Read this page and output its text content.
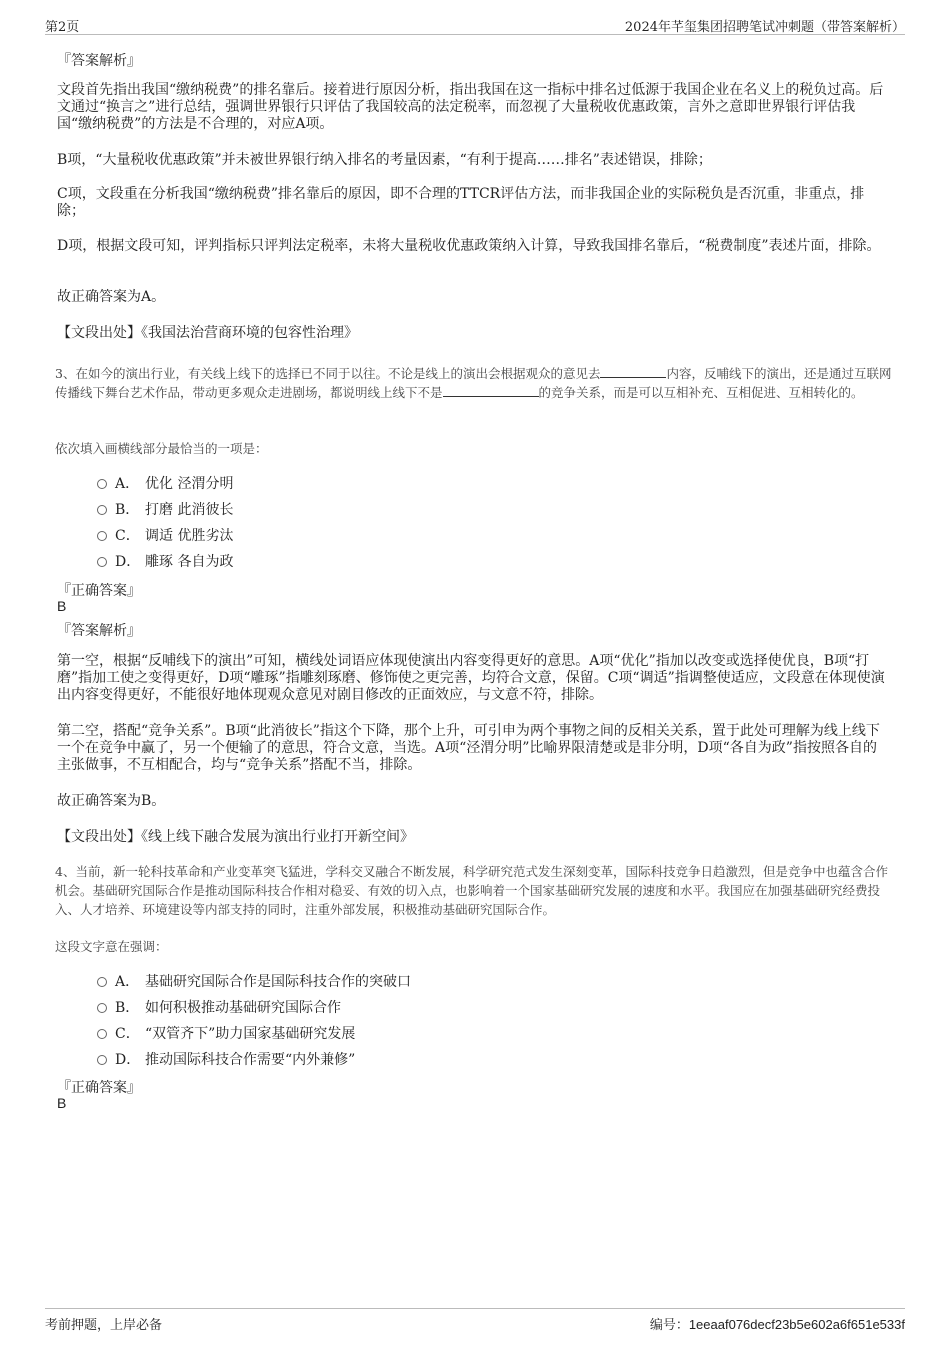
第2页	2024年芊玺集团招聘笔试冲刺题（带答案解析）
『答案解析』
文段首先指出我国“缴纳税费”的排名靠后。接着进行原因分析，指出我国在这一指标中排名过低源于我国企业在名义上的税负过高。后文通过“换言之”进行总结，强调世界银行只评估了我国较高的法定税率，而忽视了大量税收优惠政策，言外之意即世界银行评估我国“缴纳税费”的方法是不合理的，对应A项。
B项，“大量税收优惠政策”并未被世界银行纳入排名的考量因素，“有利于提高……排名”表述错误，排除；
C项，文段重在分析我国“缴纳税费”排名靠后的原因，即不合理的TTCR评估方法，而非我国企业的实际税负是否沉重，非重点，排除；
D项，根据文段可知，评判指标只评判法定税率，未将大量税收优惠政策纳入计算，导致我国排名靠后，“税费制度”表述片面，排除。
故正确答案为A。
【文段出处】《我国法治营商环境的包容性治理》
3、在如今的演出行业，有关线上线下的选择已不同于以往。不论是线上的演出会根据观众的意见去	内容，反哺线下的演出，还是通过互联网传播线下舞台艺术作品，带动更多观众走进剧场，都说明线上线下不是	的竞争关系，而是可以互相补充、互相促进、互相转化的。
依次填入画横线部分最恰当的一项是：
A． 优化 泾渭分明
B． 打磨 此消彼长
C． 调适 优胜劣汰
D． 雕琢 各自为政
『正确答案』
B
『答案解析』
第一空，根据“反哺线下的演出”可知，横线处词语应体现使演出内容变得更好的意思。A项“优化”指加以改变或选择使优良，B项“打磨”指加工使之变得更好，D项“雕琢”指雕刻琢磨、修饰使之更完善，均符合文意，保留。C项“调适”指调整使适应，文段意在体现使演出内容变得更好，不能很好地体现观众意见对剧目修改的正面效应，与文意不符，排除。
第二空，搭配“竞争关系”。B项“此消彼长”指这个下降，那个上升，可引申为两个事物之间的反相关关系，置于此处可理解为线上线下一个在竞争中赢了，另一个便输了的意思，符合文意，当选。A项“泾渭分明”比喻界限清楚或是非分明，D项“各自为政”指按照各自的主张做事，不互相配合，均与“竞争关系”搭配不当，排除。
故正确答案为B。
【文段出处】《线上线下融合发展为演出行业打开新空间》
4、当前，新一轮科技革命和产业变革突飞猛进，学科交叉融合不断发展，科学研究范式发生深刻变革，国际科技竞争日趋激烈，但是竞争中也蕴含合作机会。基础研究国际合作是推动国际科技合作相对稳妥、有效的切入点，也影响着一个国家基础研究发展的速度和水平。我国应在加强基础研究经费投入、人才培养、环境建设等内部支持的同时，注重外部发展，积极推动基础研究国际合作。
这段文字意在强调：
A． 基础研究国际合作是国际科技合作的突破口
B． 如何积极推动基础研究国际合作
C． “双管齐下”助力国家基础研究发展
D． 推动国际科技合作需要“内外兼修”
『正确答案』
B
考前押题，上岸必备	编号：1eeaaf076decf23b5e602a6f651e533f
